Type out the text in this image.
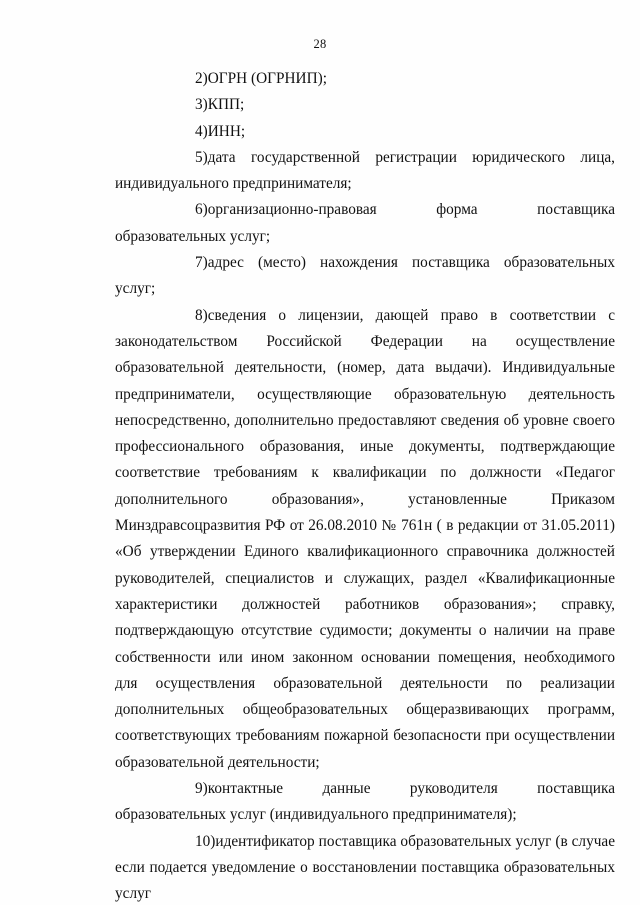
28

2)ОГРН (ОГРНИП);

3)КПП;

4)ИНН;

5)дата государственной регистрации юридического лица, индивидуального предпринимателя;

6)организационно-правовая форма поставщика образовательных услуг;

7)адрес (место) нахождения поставщика образовательных услуг;

8)сведения о лицензии, дающей право в соответствии с законодательством Российской Федерации на осуществление образовательной деятельности, (номер, дата выдачи). Индивидуальные предприниматели, осуществляющие образовательную деятельность непосредственно, дополнительно предоставляют сведения об уровне своего профессионального образования, иные документы, подтверждающие соответствие требованиям к квалификации по должности «Педагог дополнительного образования», установленные Приказом Минздравсоцразвития РФ от 26.08.2010 № 761н ( в редакции от 31.05.2011) «Об утверждении Единого квалификационного справочника должностей руководителей, специалистов и служащих, раздел «Квалификационные характеристики должностей работников образования»; справку, подтверждающую отсутствие судимости; документы о наличии на праве собственности или ином законном основании помещения, необходимого для осуществления образовательной деятельности по реализации дополнительных общеобразовательных общеразвивающих программ, соответствующих требованиям пожарной безопасности при осуществлении образовательной деятельности;

9)контактные данные руководителя поставщика образовательных услуг (индивидуального предпринимателя);

10)идентификатор поставщика образовательных услуг (в случае если подается уведомление о восстановлении поставщика образовательных услуг
